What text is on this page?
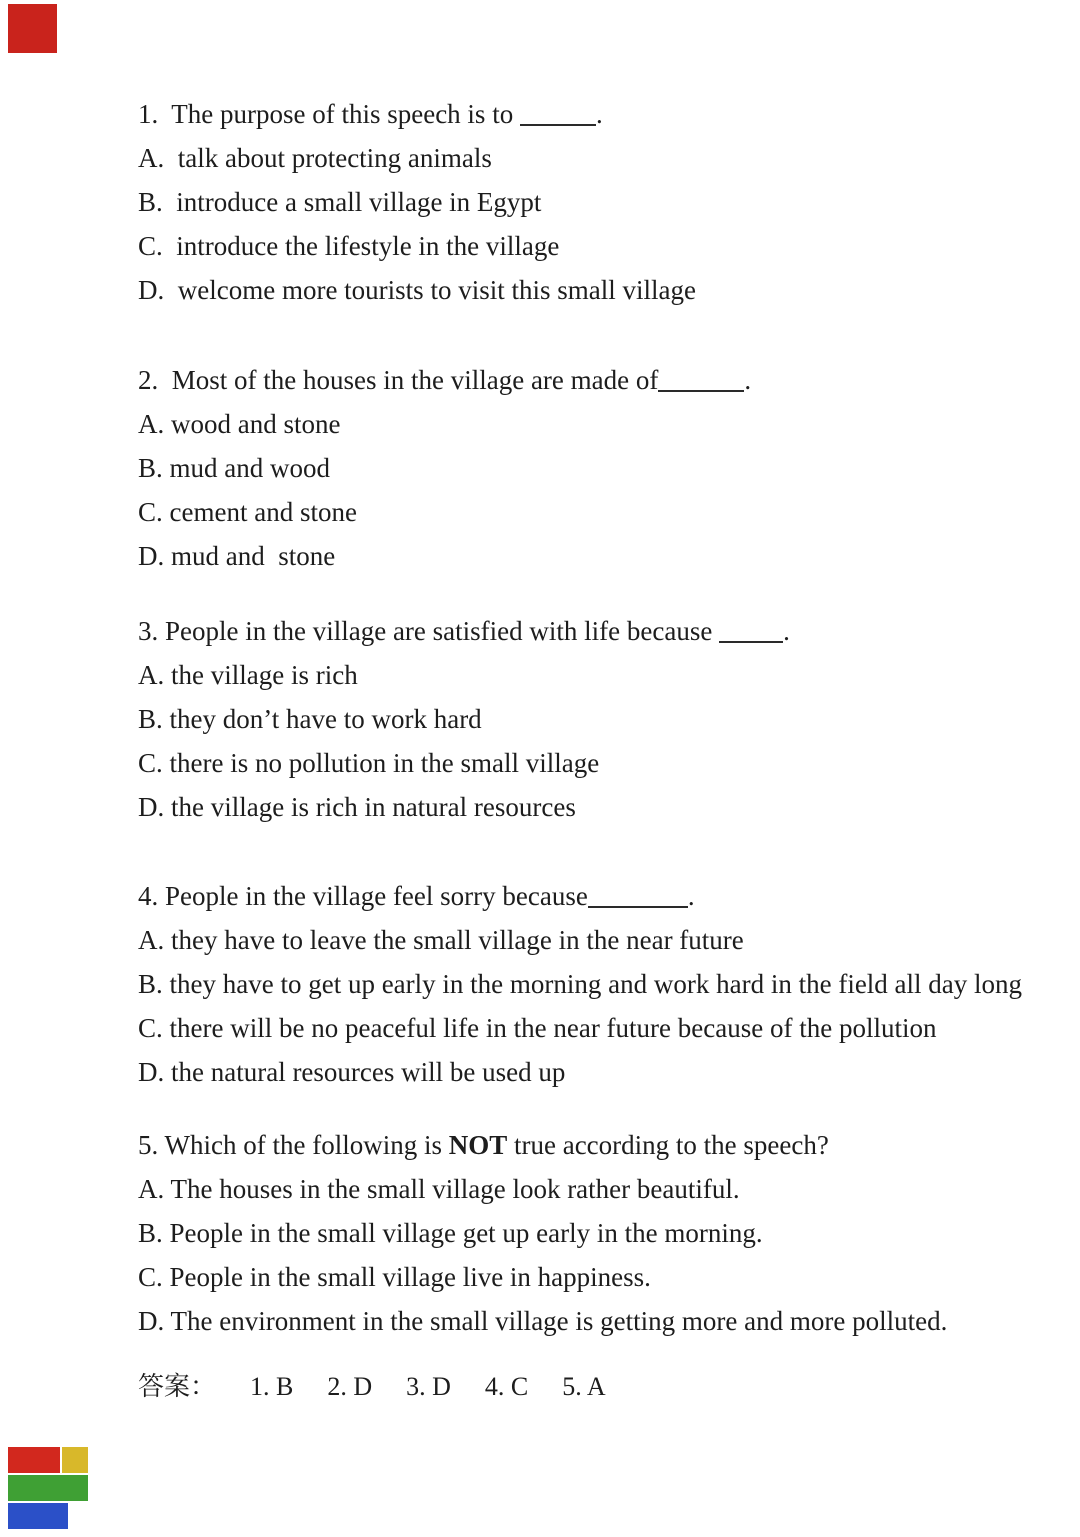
1.  The purpose of this speech is to	.
A.  talk about protecting animals
B.  introduce a small village in Egypt
C.  introduce the lifestyle in the village
D.  welcome more tourists to visit this small village
2.  Most of the houses in the village are made of	.
A. wood and stone
B. mud and wood
C. cement and stone
D. mud and  stone
3. People in the village are satisfied with life because .
A. the village is rich
B. they don’t have to work hard
C. there is no pollution in the small village
D. the village is rich in natural resources
4. People in the village feel sorry because	.
A. they have to leave the small village in the near future
B. they have to get up early in the morning and work hard in the field all day long
C. there will be no peaceful life in the near future because of the pollution
D. the natural resources will be used up
5. Which of the following is NOT true according to the speech?
A. The houses in the small village look rather beautiful.
B. People in the small village get up early in the morning.
C. People in the small village live in happiness.
D. The environment in the small village is getting more and more polluted.
答案： 1. B 2. D 3. D 4. C 5. A
